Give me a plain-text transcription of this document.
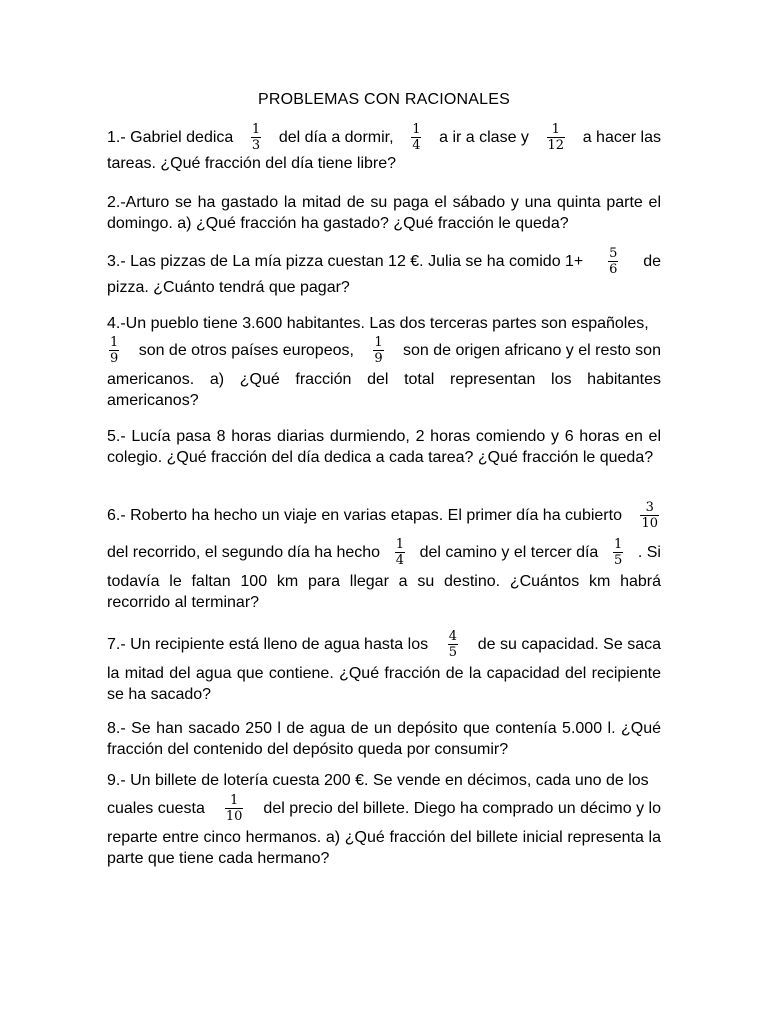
PROBLEMAS CON RACIONALES
1.- Gabriel dedica $\frac{1}{3}$ del día a dormir, $\frac{1}{4}$ a ir a clase y $\frac{1}{12}$ a hacer las
tareas. ¿Qué fracción del día tiene libre?
2.-Arturo se ha gastado la mitad de su paga el sábado y una quinta parte el domingo. a) ¿Qué fracción ha gastado? ¿Qué fracción le queda?
3.- Las pizzas de La mía pizza cuestan 12 €. Julia se ha comido $1+ \frac{5}{6}$ de
pizza. ¿Cuánto tendrá que pagar?
4.-Un pueblo tiene 3.600 habitantes. Las dos terceras partes son españoles,
$\frac{1}{9}$ son de otros países europeos, $\frac{1}{9}$ son de origen africano y el resto son
americanos. a) ¿Qué fracción del total representan los habitantes americanos?
5.- Lucía pasa 8 horas diarias durmiendo, 2 horas comiendo y 6 horas en el colegio. ¿Qué fracción del día dedica a cada tarea? ¿Qué fracción le queda?
6.- Roberto ha hecho un viaje en varias etapas. El primer día ha cubierto $\frac{3}{10}$
del recorrido, el segundo día ha hecho $\frac{1}{4}$ del camino y el tercer día $\frac{1}{5}$ . Si
todavía le faltan 100 km para llegar a su destino. ¿Cuántos km habrá recorrido al terminar?
7.- Un recipiente está lleno de agua hasta los $\frac{4}{5}$ de su capacidad. Se saca
la mitad del agua que contiene. ¿Qué fracción de la capacidad del recipiente se ha sacado?
8.- Se han sacado 250 l de agua de un depósito que contenía 5.000 l. ¿Qué fracción del contenido del depósito queda por consumir?
9.- Un billete de lotería cuesta 200 €. Se vende en décimos, cada uno de los
cuales cuesta $\frac{1}{10}$ del precio del billete. Diego ha comprado un décimo y lo
reparte entre cinco hermanos. a) ¿Qué fracción del billete inicial representa la parte que tiene cada hermano?
